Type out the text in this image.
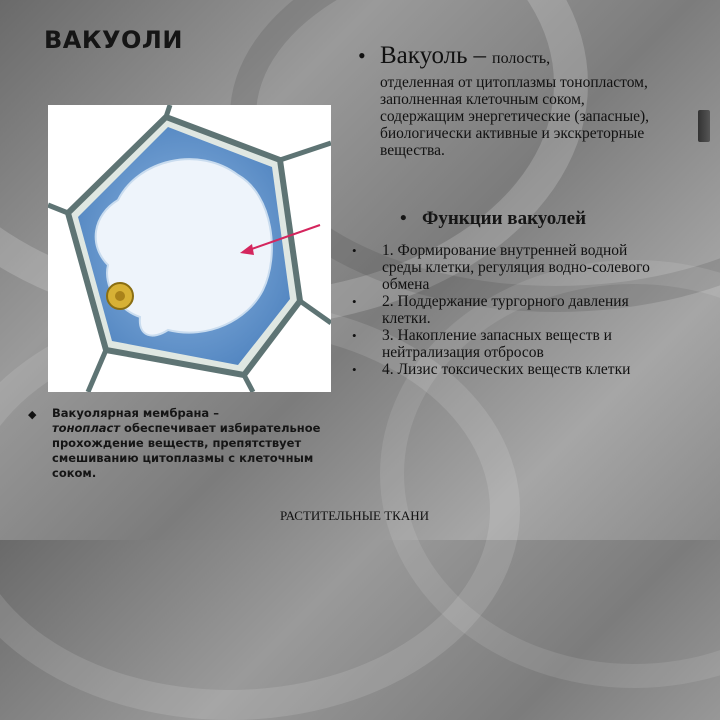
ВАКУОЛИ
• Вакуоль – полость,
отделенная от цитоплазмы тонопластом, заполненная клеточным соком, содержащим энергетические (запасные), биологически активные и экскреторные вещества.
• Функции вакуолей
•	1. Формирование внутренней водной среды клетки, регуляция водно-солевого обмена
•	2. Поддержание тургорного давления клетки.
•	3. Накопление запасных веществ и нейтрализация отбросов
•	4. Лизис токсических веществ клетки
◆	Вакуолярная мембрана –
тонопласт обеспечивает избирательное прохождение веществ, препятствует смешиванию цитоплазмы с клеточным соком.

РАСТИТЕЛЬНЫЕ ТКАНИ
